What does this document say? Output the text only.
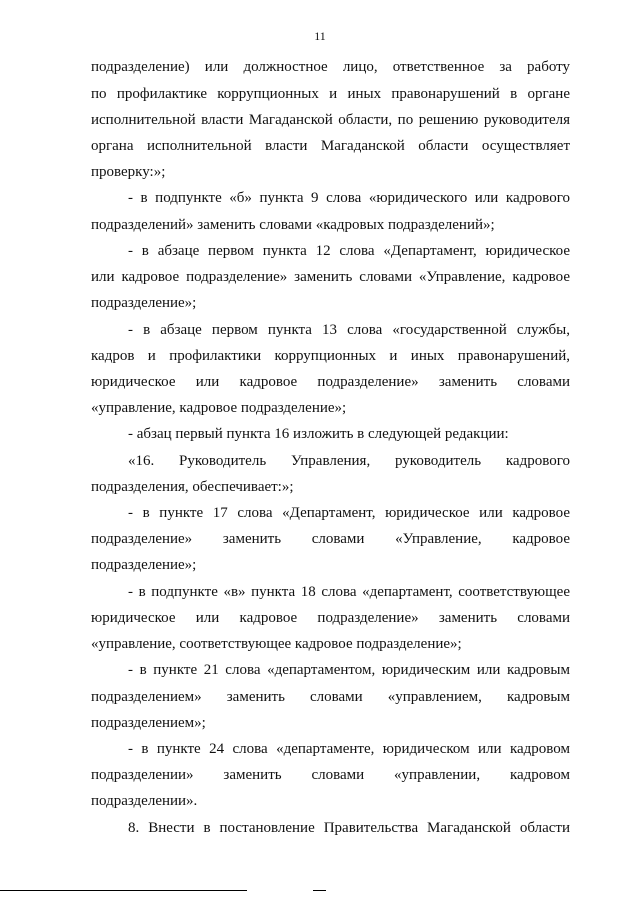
11
подразделение) или должностное лицо, ответственное за работу
по профилактике коррупционных и иных правонарушений в органе
исполнительной власти Магаданской области, по решению руководителя
органа исполнительной власти Магаданской области осуществляет
проверку:»;
- в подпункте «б» пункта 9 слова «юридического или кадрового
подразделений» заменить словами «кадровых подразделений»;
- в абзаце первом пункта 12 слова «Департамент, юридическое
или кадровое подразделение» заменить словами «Управление, кадровое
подразделение»;
- в абзаце первом пункта 13 слова «государственной службы,
кадров и профилактики коррупционных и иных правонарушений,
юридическое или кадровое подразделение» заменить словами
«управление, кадровое подразделение»;
- абзац первый пункта 16 изложить в следующей редакции:
«16. Руководитель Управления, руководитель кадрового
подразделения, обеспечивает:»;
- в пункте 17 слова «Департамент, юридическое или кадровое
подразделение» заменить словами «Управление, кадровое
подразделение»;
- в подпункте «в» пункта 18 слова «департамент, соответствующее
юридическое или кадровое подразделение» заменить словами
«управление, соответствующее кадровое подразделение»;
- в пункте 21 слова «департаментом, юридическим или кадровым
подразделением» заменить словами «управлением, кадровым
подразделением»;
- в пункте 24 слова «департаменте, юридическом или кадровом
подразделении» заменить словами «управлении, кадровом
подразделении».
8. Внести в постановление Правительства Магаданской области
